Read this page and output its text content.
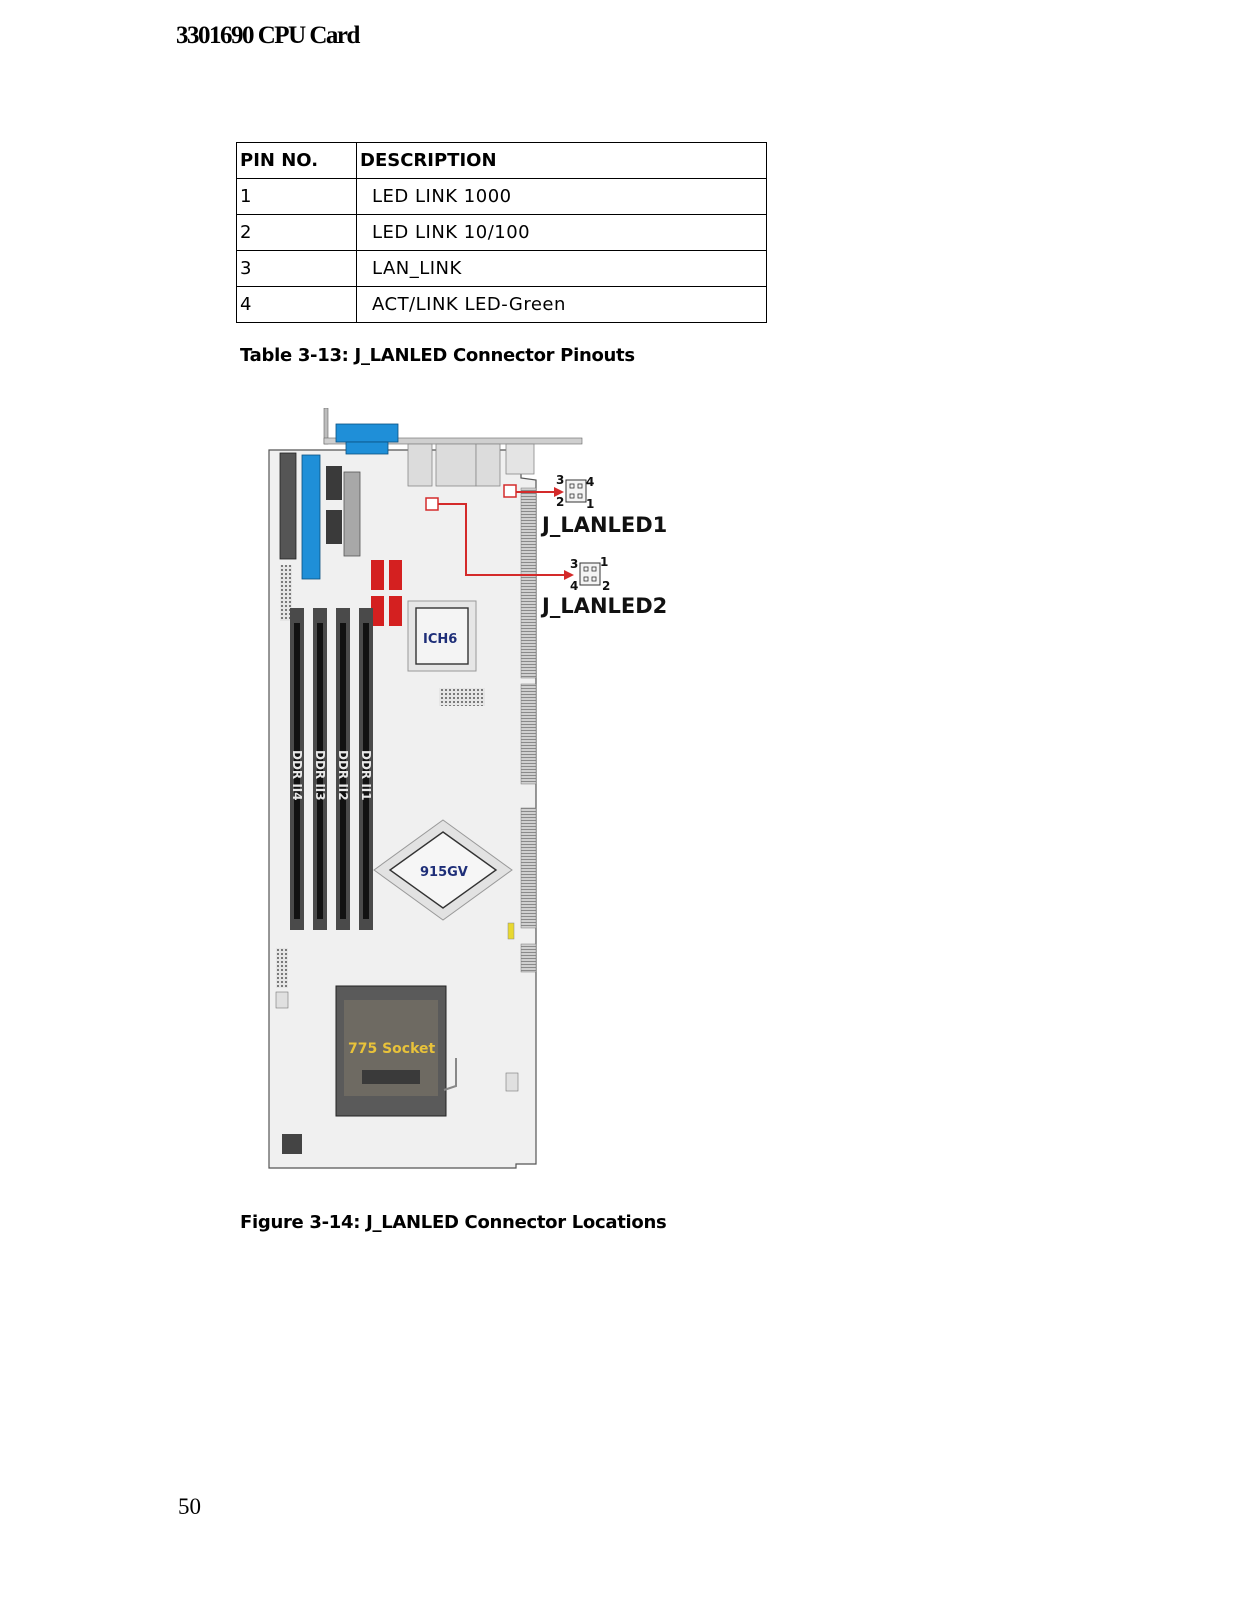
3301690 CPU Card
PIN NO.	DESCRIPTION
1	LED LINK 1000
2	LED LINK 10/100
3	LAN_LINK
4	ACT/LINK LED-Green
Table 3-13: J_LANLED Connector Pinouts
DDR II4 DDR II3 DDR II2 DDR II1
ICH6
915GV
775 Socket
3 4
2 1
J_LANLED1
3 1
4 2
J_LANLED2
Figure 3-14: J_LANLED Connector Locations
50
